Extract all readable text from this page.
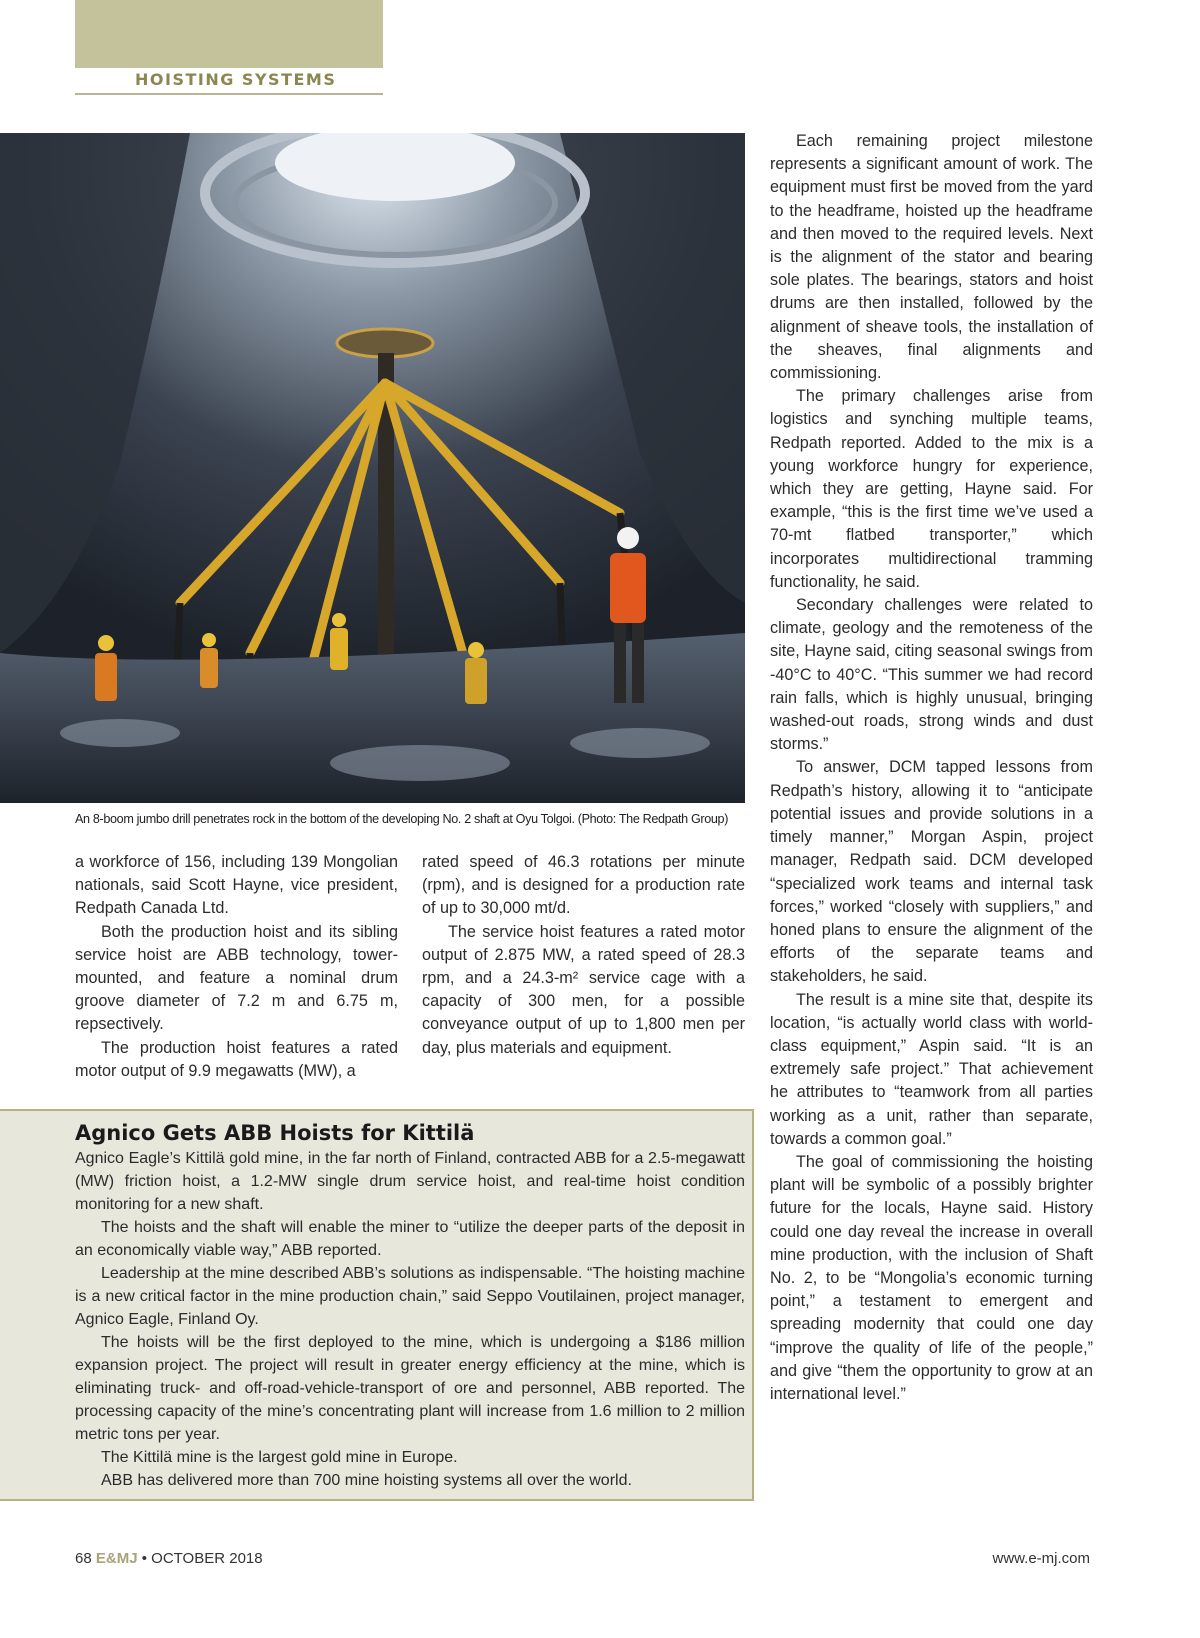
HOISTING SYSTEMS
An 8-boom jumbo drill penetrates rock in the bottom of the developing No. 2 shaft at Oyu Tolgoi. (Photo: The Redpath Group)

a workforce of 156, including 139 Mongolian nationals, said Scott Hayne, vice president, Redpath Canada Ltd.

Both the production hoist and its sibling service hoist are ABB technology, tower-mounted, and feature a nominal drum groove diameter of 7.2 m and 6.75 m, repsectively.

The production hoist features a rated motor output of 9.9 megawatts (MW), a

rated speed of 46.3 rotations per minute (rpm), and is designed for a production rate of up to 30,000 mt/d.

The service hoist features a rated motor output of 2.875 MW, a rated speed of 28.3 rpm, and a 24.3-m² service cage with a capacity of 300 men, for a possible conveyance output of up to 1,800 men per day, plus materials and equipment.

Each remaining project milestone represents a significant amount of work. The equipment must first be moved from the yard to the headframe, hoisted up the headframe and then moved to the required levels. Next is the alignment of the stator and bearing sole plates. The bearings, stators and hoist drums are then installed, followed by the alignment of sheave tools, the installation of the sheaves, final alignments and commissioning.

The primary challenges arise from logistics and synching multiple teams, Redpath reported. Added to the mix is a young workforce hungry for experience, which they are getting, Hayne said. For example, “this is the first time we’ve used a 70-mt flatbed transporter,” which incorporates multidirectional tramming functionality, he said.

Secondary challenges were related to climate, geology and the remoteness of the site, Hayne said, citing seasonal swings from -40°C to 40°C. “This summer we had record rain falls, which is highly unusual, bringing washed-out roads, strong winds and dust storms.”

To answer, DCM tapped lessons from Redpath’s history, allowing it to “anticipate potential issues and provide solutions in a timely manner,” Morgan Aspin, project manager, Redpath said. DCM developed “specialized work teams and internal task forces,” worked “closely with suppliers,” and honed plans to ensure the alignment of the efforts of the separate teams and stakeholders, he said.

The result is a mine site that, despite its location, “is actually world class with world-class equipment,” Aspin said. “It is an extremely safe project.” That achievement he attributes to “teamwork from all parties working as a unit, rather than separate, towards a common goal.”

The goal of commissioning the hoisting plant will be symbolic of a possibly brighter future for the locals, Hayne said. History could one day reveal the increase in overall mine production, with the inclusion of Shaft No. 2, to be “Mongolia’s economic turning point,” a testament to emergent and spreading modernity that could one day “improve the quality of life of the people,” and give “them the opportunity to grow at an international level.”

Agnico Gets ABB Hoists for Kittilä

Agnico Eagle’s Kittilä gold mine, in the far north of Finland, contracted ABB for a 2.5-megawatt (MW) friction hoist, a 1.2-MW single drum service hoist, and real-time hoist condition monitoring for a new shaft.

The hoists and the shaft will enable the miner to “utilize the deeper parts of the deposit in an economically viable way,” ABB reported.

Leadership at the mine described ABB’s solutions as indispensable. “The hoisting machine is a new critical factor in the mine production chain,” said Seppo Voutilainen, project manager, Agnico Eagle, Finland Oy.

The hoists will be the first deployed to the mine, which is undergoing a $186 million expansion project. The project will result in greater energy efficiency at the mine, which is eliminating truck- and off-road-vehicle-transport of ore and personnel, ABB reported. The processing capacity of the mine’s concentrating plant will increase from 1.6 million to 2 million metric tons per year.

The Kittilä mine is the largest gold mine in Europe.

ABB has delivered more than 700 mine hoisting systems all over the world.

68 E&MJ • OCTOBER 2018	www.e-mj.com
